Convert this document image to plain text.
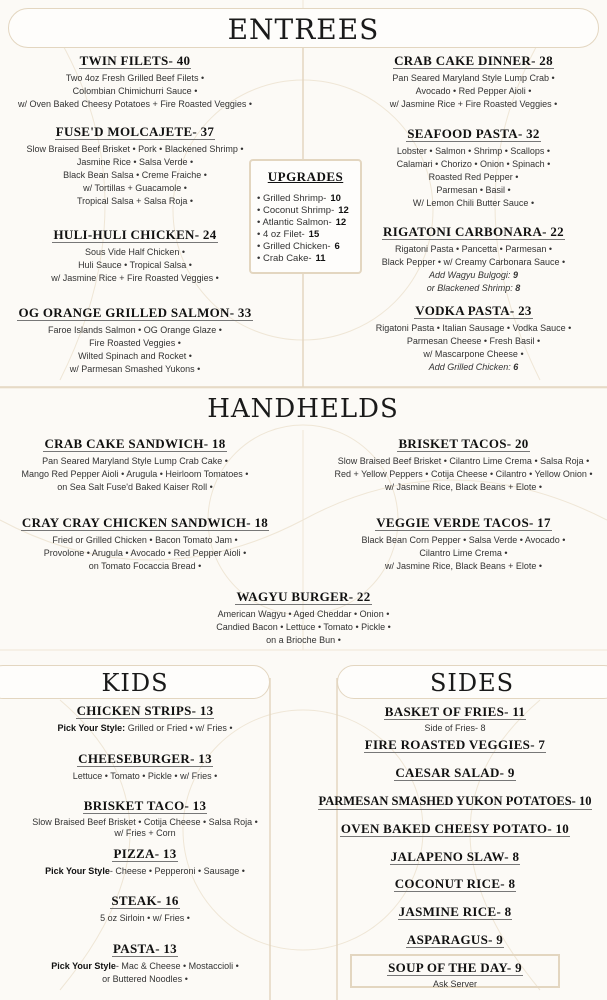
ENTREES
TWIN FILETS- 40
Two 4oz Fresh Grilled Beef Filets •
Colombian Chimichurri Sauce •
w/ Oven Baked Cheesy Potatoes + Fire Roasted Veggies •
FUSE'D MOLCAJETE- 37
Slow Braised Beef Brisket • Pork • Blackened Shrimp •
Jasmine Rice • Salsa Verde •
Black Bean Salsa • Creme Fraiche •
w/ Tortillas + Guacamole •
Tropical Salsa + Salsa Roja •
HULI-HULI CHICKEN- 24
Sous Vide Half Chicken •
Huli Sauce • Tropical Salsa •
w/ Jasmine Rice + Fire Roasted Veggies •
OG ORANGE GRILLED SALMON- 33
Faroe Islands Salmon • OG Orange Glaze •
Fire Roasted Veggies •
Wilted Spinach and Rocket •
w/ Parmesan Smashed Yukons •
UPGRADES
• Grilled Shrimp- 10
• Coconut Shrimp- 12
• Atlantic Salmon- 12
• 4 oz Filet- 15
• Grilled Chicken- 6
• Crab Cake- 11
CRAB CAKE DINNER- 28
Pan Seared Maryland Style Lump Crab •
Avocado • Red Pepper Aioli •
w/ Jasmine Rice + Fire Roasted Veggies •
SEAFOOD PASTA- 32
Lobster • Salmon • Shrimp • Scallops •
Calamari • Chorizo • Onion • Spinach •
Roasted Red Pepper •
Parmesan • Basil •
W/ Lemon Chili Butter Sauce •
RIGATONI CARBONARA- 22
Rigatoni Pasta • Pancetta • Parmesan •
Black Pepper • w/ Creamy Carbonara Sauce •
Add Wagyu Bulgogi: 9
or Blackened Shrimp: 8
VODKA PASTA- 23
Rigatoni Pasta • Italian Sausage • Vodka Sauce •
Parmesan Cheese • Fresh Basil •
w/ Mascarpone Cheese •
Add Grilled Chicken: 6
HANDHELDS
CRAB CAKE SANDWICH- 18
Pan Seared Maryland Style Lump Crab Cake •
Mango Red Pepper Aioli • Arugula • Heirloom Tomatoes •
on Sea Salt Fuse'd Baked Kaiser Roll •
CRAY CRAY CHICKEN SANDWICH- 18
Fried or Grilled Chicken • Bacon Tomato Jam •
Provolone • Arugula • Avocado • Red Pepper Aioli •
on Tomato Focaccia Bread •
BRISKET TACOS- 20
Slow Braised Beef Brisket • Cilantro Lime Crema • Salsa Roja •
Red + Yellow Peppers • Cotija Cheese • Cilantro • Yellow Onion •
w/ Jasmine Rice, Black Beans + Elote •
VEGGIE VERDE TACOS- 17
Black Bean Corn Pepper • Salsa Verde • Avocado •
Cilantro Lime Crema •
w/ Jasmine Rice, Black Beans + Elote •
WAGYU BURGER- 22
American Wagyu • Aged Cheddar • Onion •
Candied Bacon • Lettuce • Tomato • Pickle •
on a Brioche Bun •
KIDS	SIDES
CHICKEN STRIPS- 13
Pick Your Style: Grilled or Fried • w/ Fries •
CHEESEBURGER- 13
Lettuce • Tomato • Pickle • w/ Fries •
BRISKET TACO- 13
Slow Braised Beef Brisket • Cotija Cheese • Salsa Roja •
w/ Fries + Corn
PIZZA- 13
Pick Your Style- Cheese • Pepperoni • Sausage •
STEAK- 16
5 oz Sirloin • w/ Fries •
PASTA- 13
Pick Your Style- Mac & Cheese • Mostaccioli •
or Buttered Noodles •
BASKET OF FRIES- 11
Side of Fries- 8
FIRE ROASTED VEGGIES- 7
CAESAR SALAD- 9
PARMESAN SMASHED YUKON POTATOES- 10
OVEN BAKED CHEESY POTATO- 10
JALAPENO SLAW- 8
COCONUT RICE- 8
JASMINE RICE- 8
ASPARAGUS- 9
SOUP OF THE DAY- 9
Ask Server
